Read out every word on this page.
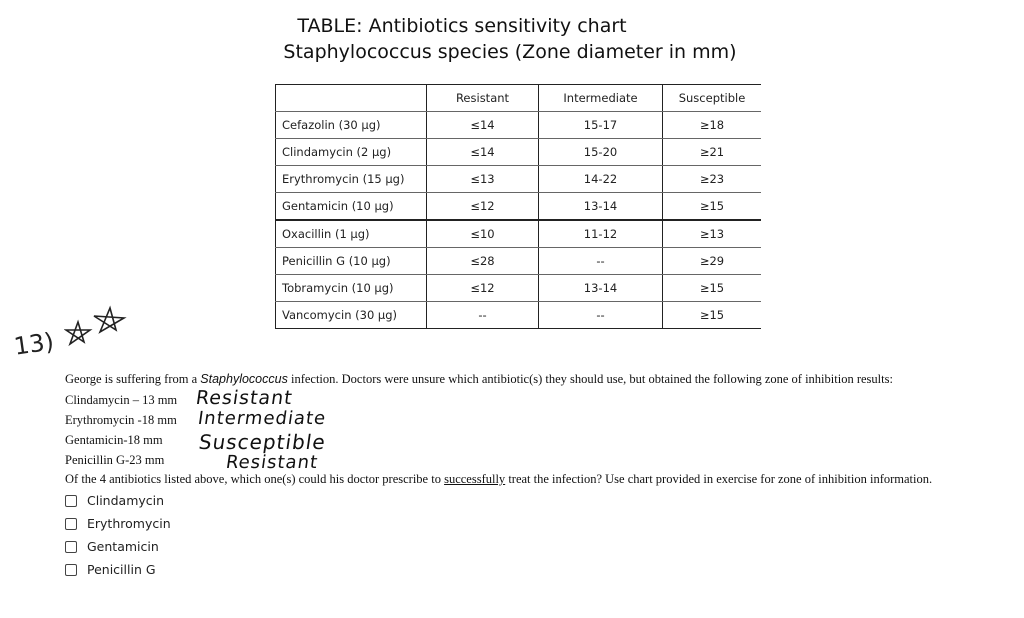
TABLE: Antibiotics sensitivity chart
Staphylococcus species (Zone diameter in mm)
	Resistant	Intermediate	Susceptible
Cefazolin (30 µg)	≤14	15-17	≥18
Clindamycin (2 µg)	≤14	15-20	≥21
Erythromycin (15 µg)	≤13	14-22	≥23
Gentamicin (10 µg)	≤12	13-14	≥15
Oxacillin (1 µg)	≤10	11-12	≥13
Penicillin G (10 µg)	≤28	--	≥29
Tobramycin (10 µg)	≤12	13-14	≥15
Vancomycin (30 µg)	--	--	≥15
13)
George is suffering from a Staphylococcus infection. Doctors were unsure which antibiotic(s) they should use, but obtained the following zone of inhibition results:
Clindamycin – 13 mm
Erythromycin -18 mm
Gentamicin-18 mm
Penicillin G-23 mm
Resistant
Intermediate
Susceptible
Resistant
Of the 4 antibiotics listed above, which one(s) could his doctor prescribe to successfully treat the infection? Use chart provided in exercise for zone of inhibition information.
Clindamycin
Erythromycin
Gentamicin
Penicillin G
